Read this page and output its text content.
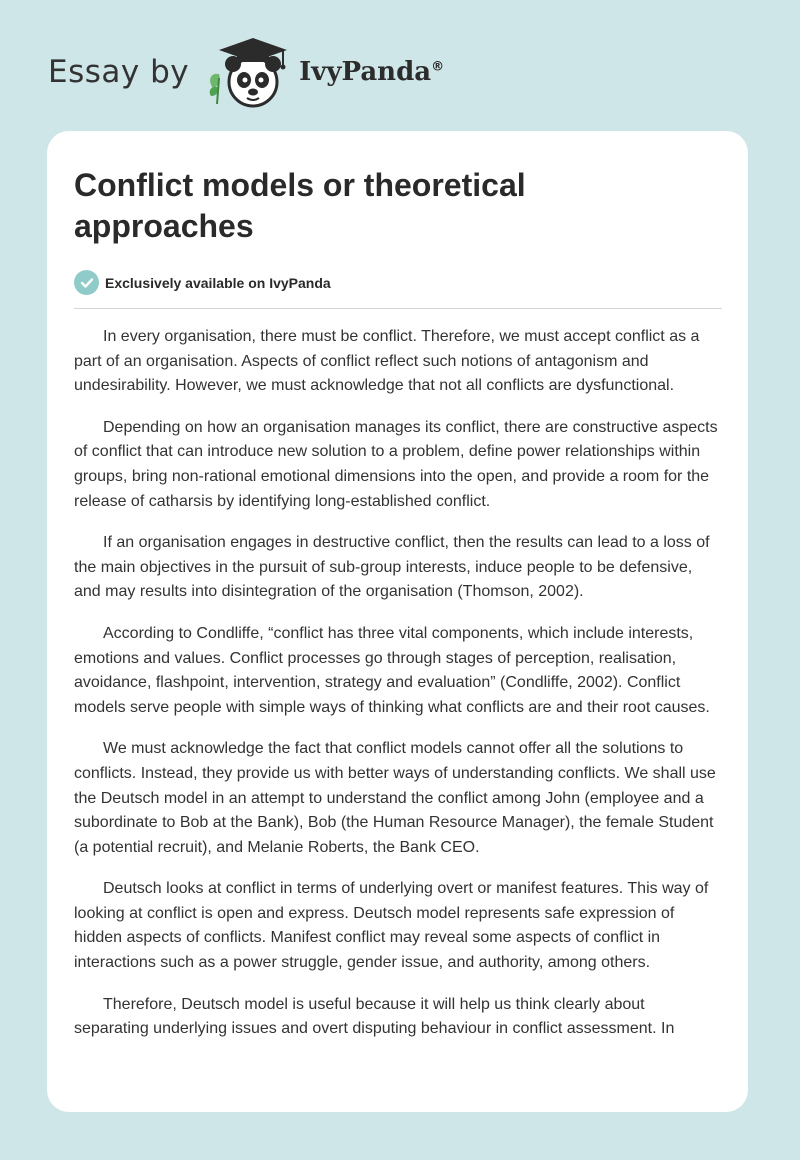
Essay by	IvyPanda®
Conflict models or theoretical approaches
Exclusively available on IvyPanda

In every organisation, there must be conflict. Therefore, we must accept conflict as a part of an organisation. Aspects of conflict reflect such notions of antagonism and undesirability. However, we must acknowledge that not all conflicts are dysfunctional.

Depending on how an organisation manages its conflict, there are constructive aspects of conflict that can introduce new solution to a problem, define power relationships within groups, bring non-rational emotional dimensions into the open, and provide a room for the release of catharsis by identifying long-established conflict.

If an organisation engages in destructive conflict, then the results can lead to a loss of the main objectives in the pursuit of sub-group interests, induce people to be defensive, and may results into disintegration of the organisation (Thomson, 2002).

According to Condliffe, “conflict has three vital components, which include interests, emotions and values. Conflict processes go through stages of perception, realisation, avoidance, flashpoint, intervention, strategy and evaluation” (Condliffe, 2002). Conflict models serve people with simple ways of thinking what conflicts are and their root causes.

We must acknowledge the fact that conflict models cannot offer all the solutions to conflicts. Instead, they provide us with better ways of understanding conflicts. We shall use the Deutsch model in an attempt to understand the conflict among John (employee and a subordinate to Bob at the Bank), Bob (the Human Resource Manager), the female Student (a potential recruit), and Melanie Roberts, the Bank CEO.

Deutsch looks at conflict in terms of underlying overt or manifest features. This way of looking at conflict is open and express. Deutsch model represents safe expression of hidden aspects of conflicts. Manifest conflict may reveal some aspects of conflict in interactions such as a power struggle, gender issue, and authority, among others.

Therefore, Deutsch model is useful because it will help us think clearly about separating underlying issues and overt disputing behaviour in conflict assessment. In
